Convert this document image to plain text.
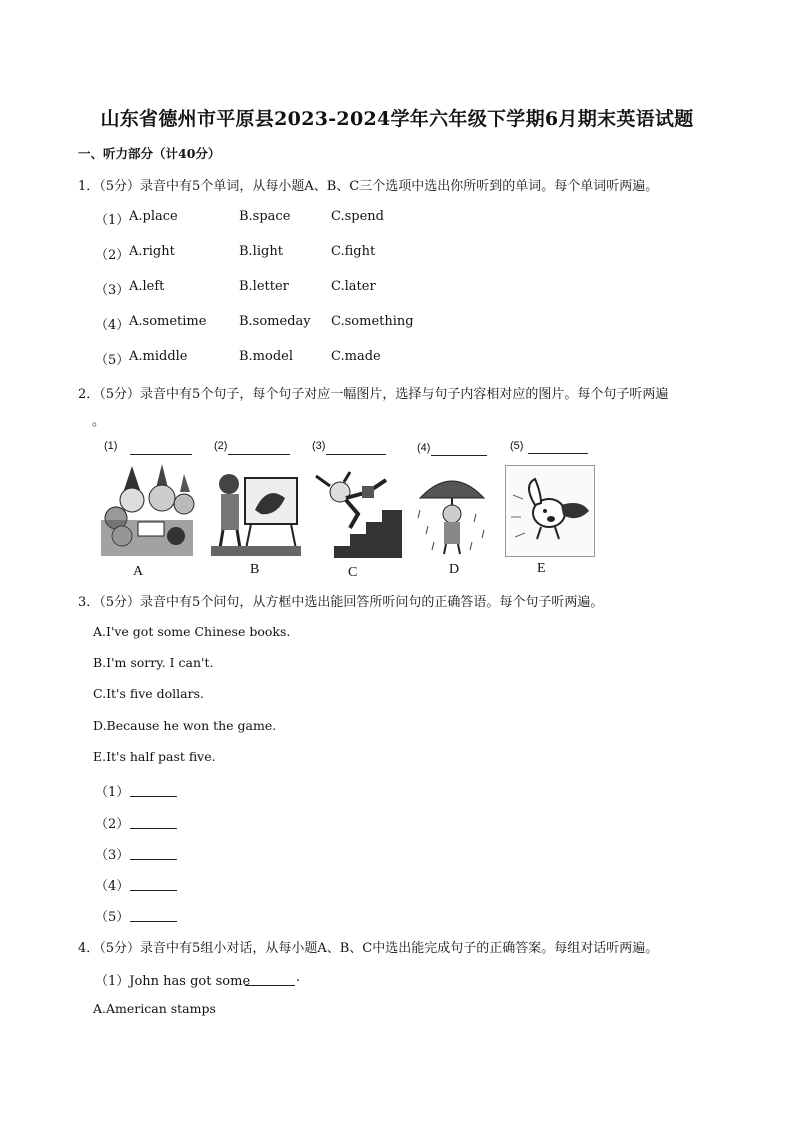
山东省德州市平原县2023-2024学年六年级下学期6月期末英语试题
一、听力部分（计40分）
1．（5分）录音中有5个单词，从每小题A、B、C三个选项中选出你所听到的单词。每个单词听两遍。
（1） A.place	B.space	C.spend
（2） A.right	B.light	C.fight
（3） A.left	B.letter	C.later
（4） A.sometime	B.someday C.something
（5） A.middle	B.model	C.made
2．（5分）录音中有5个句子，每个句子对应一幅图片，选择与句子内容相对应的图片。每个句子听两遍
。
(1)	(2)	(3)	(4)	(5)
A	B	C	D	E
3．（5分）录音中有5个问句，从方框中选出能回答所听问句的正确答语。每个句子听两遍。
A.I've got some Chinese books.
B.I'm sorry. I can't.
C.It's five dollars.
D.Because he won the game.
E.It's half past five.
（1）
（2）
（3）
（4）
（5）
4．（5分）录音中有5组小对话，从每小题A、B、C中选出能完成句子的正确答案。每组对话听两遍。
（1）John has got some	.
A.American stamps
